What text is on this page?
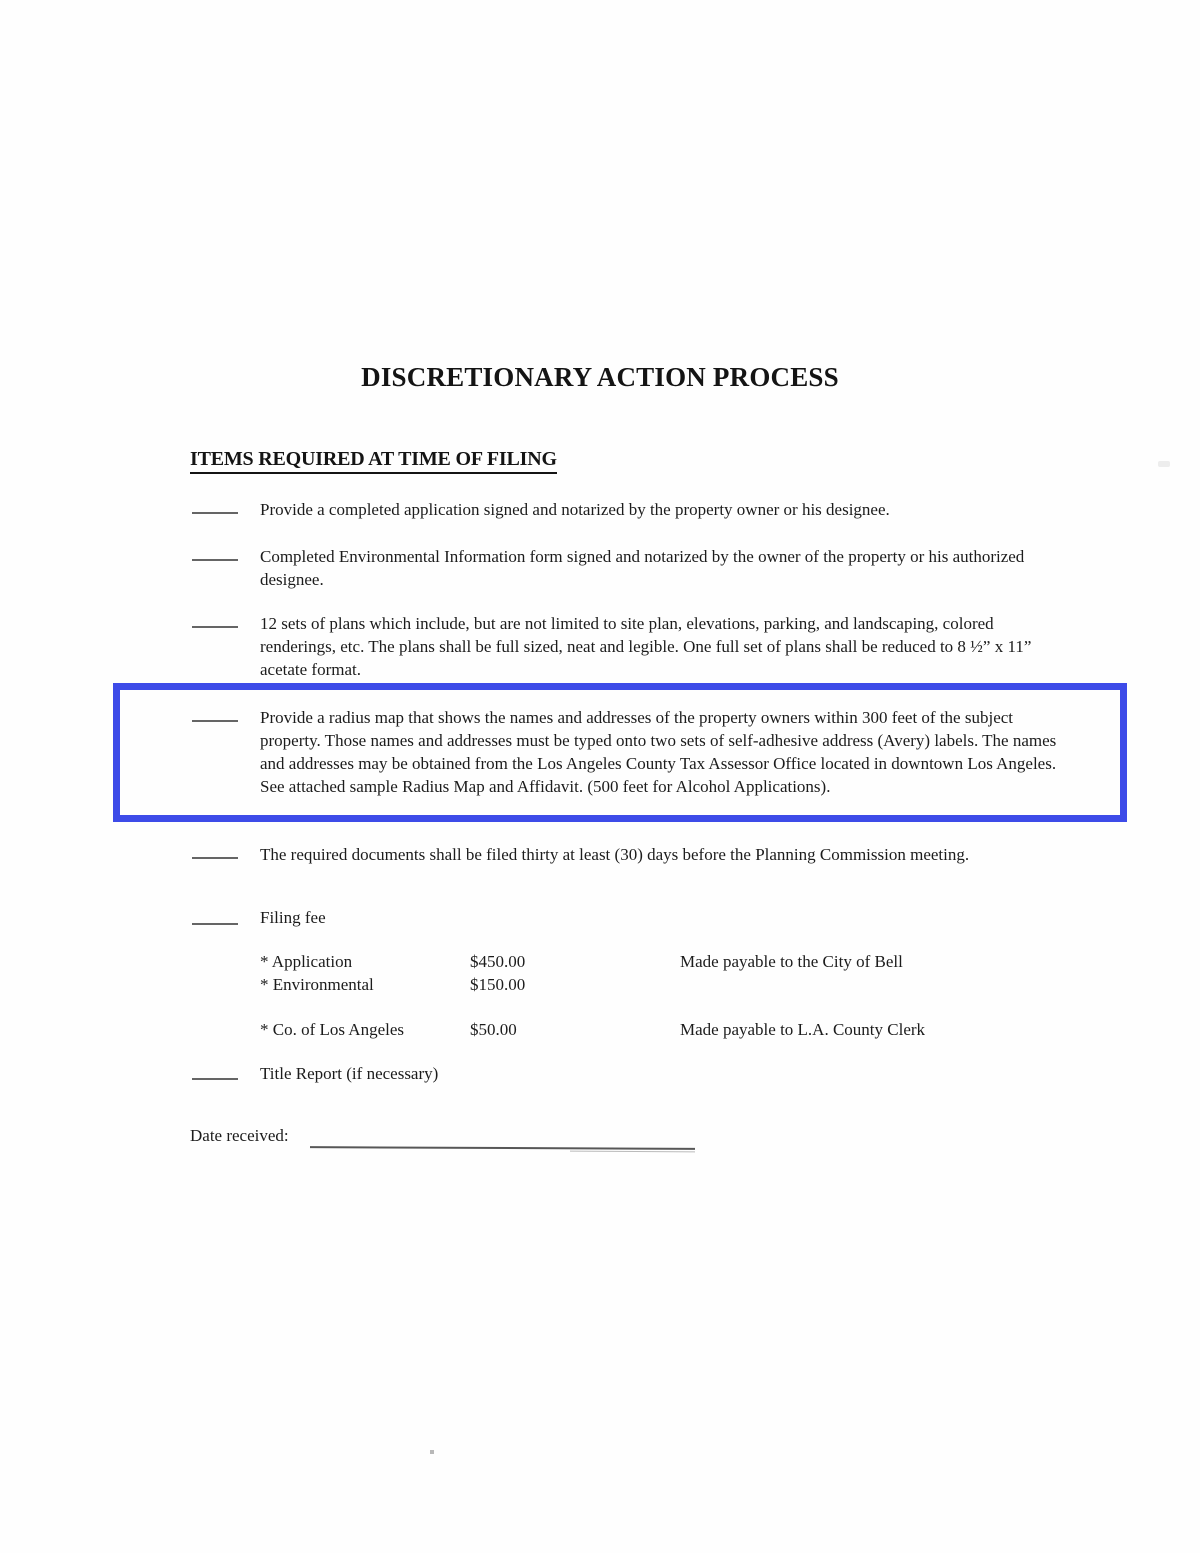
DISCRETIONARY ACTION PROCESS
ITEMS REQUIRED AT TIME OF FILING
Provide a completed application signed and notarized by the property owner or his designee.
Completed Environmental Information form signed and notarized by the owner of the property or his authorized designee.
12 sets of plans which include, but are not limited to site plan, elevations, parking, and landscaping, colored renderings, etc. The plans shall be full sized, neat and legible. One full set of plans shall be reduced to 8 ½” x 11” acetate format.
Provide a radius map that shows the names and addresses of the property owners within 300 feet of the subject property. Those names and addresses must be typed onto two sets of self-adhesive address (Avery) labels. The names and addresses may be obtained from the Los Angeles County Tax Assessor Office located in downtown Los Angeles. See attached sample Radius Map and Affidavit. (500 feet for Alcohol Applications).
The required documents shall be filed thirty at least (30) days before the Planning Commission meeting.
Filing fee
* Application	$450.00	Made payable to the City of Bell
* Environmental	$150.00
* Co. of Los Angeles	$50.00	Made payable to L.A. County Clerk
Title Report (if necessary)
Date received:
